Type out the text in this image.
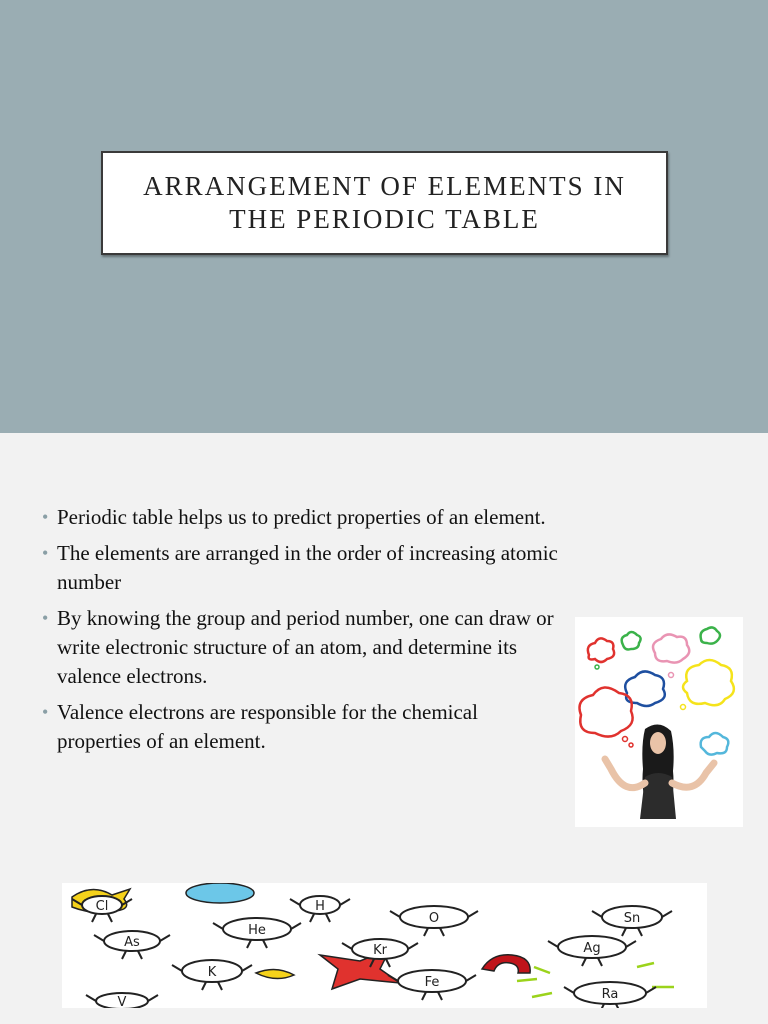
ARRANGEMENT OF ELEMENTS IN
THE PERIODIC TABLE
• Periodic table helps us to predict properties of an element.
• The elements are arranged in the order of increasing atomic number
• By knowing the group and period number, one can draw or write electronic structure of an atom, and determine its valence electrons.
• Valence electrons are responsible for the chemical properties of an element.
Cl	H
He
O	Sn
As	Ag
Kr
K
Fe
Ra
V
